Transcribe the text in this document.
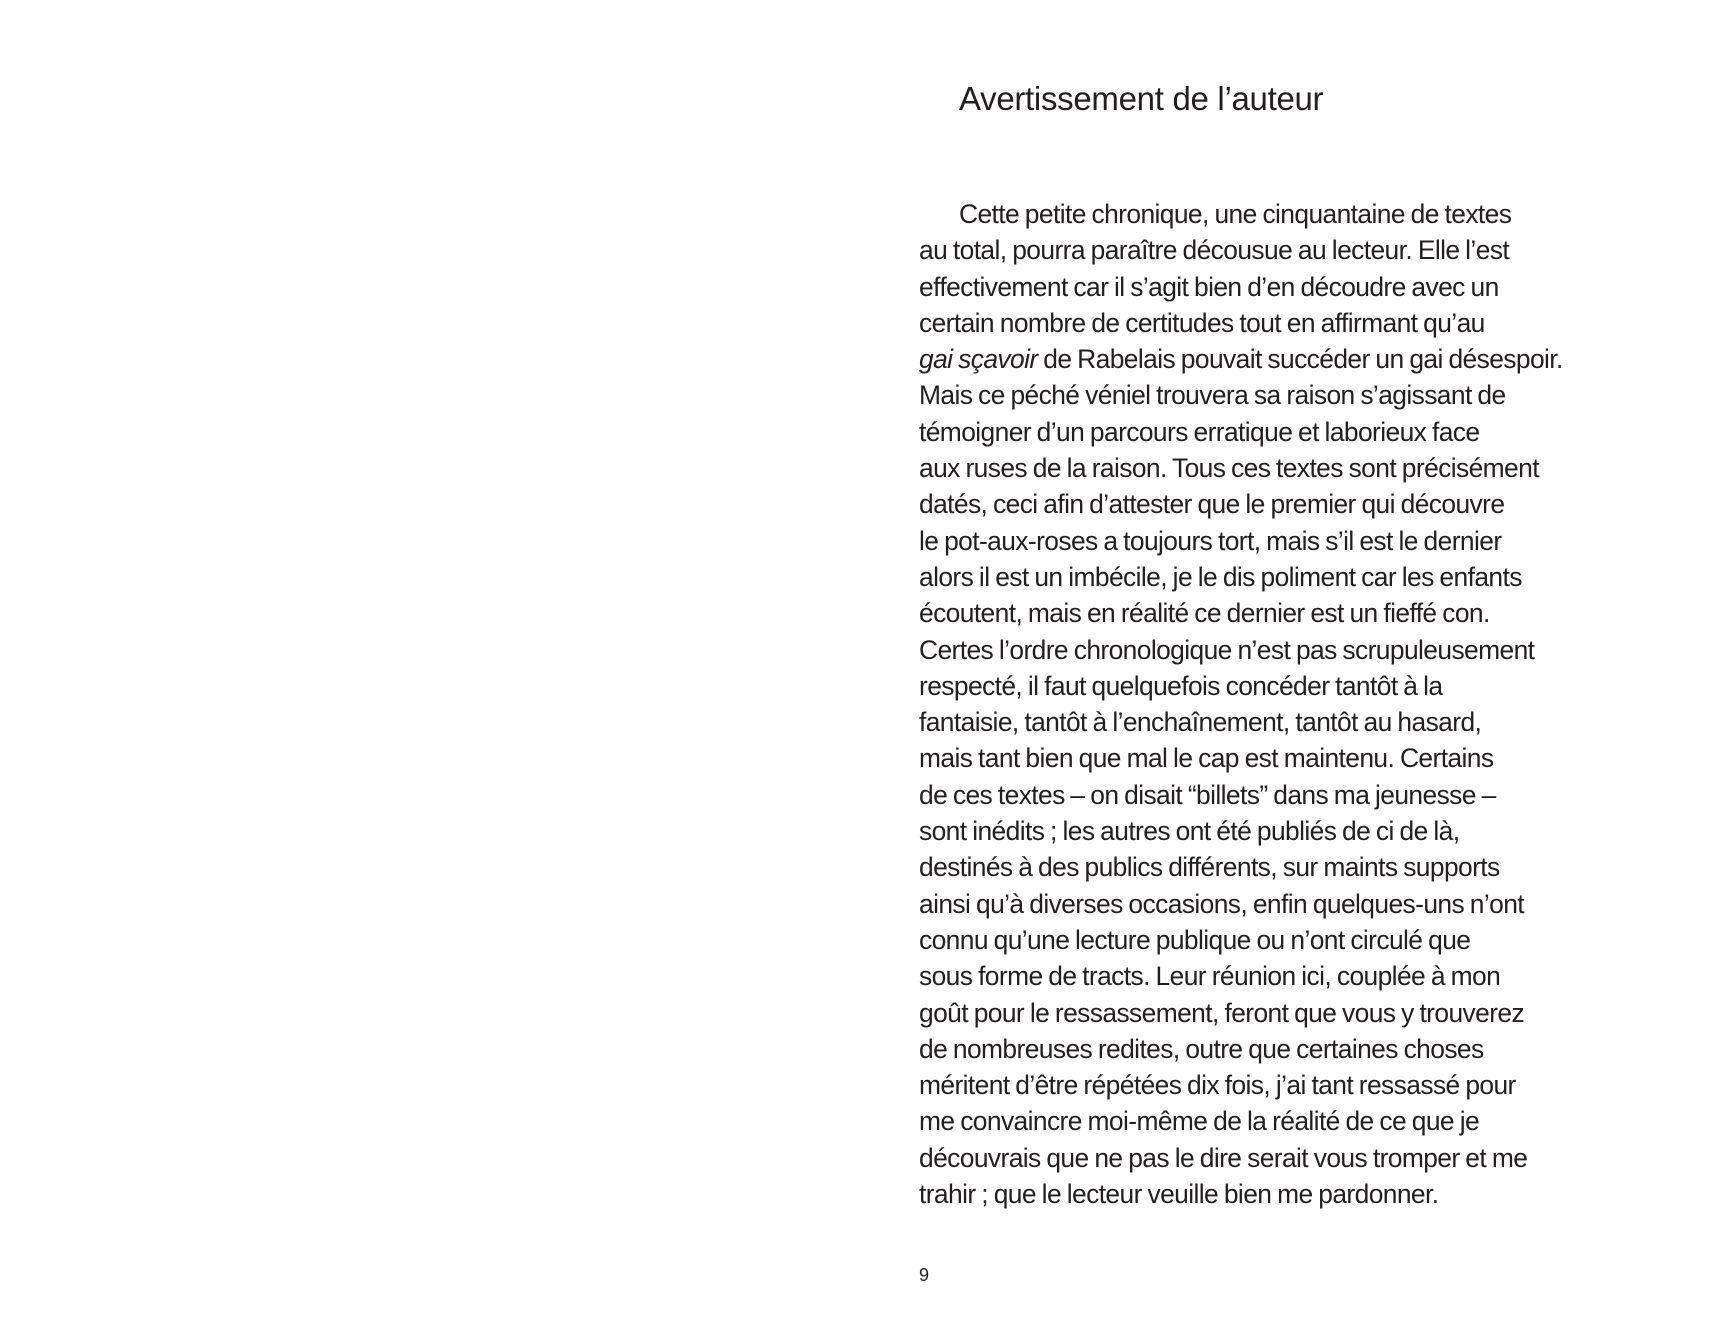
Avertissement de l’auteur

Cette petite chronique, une cinquantaine de textes
au total, pourra paraître décousue au lecteur. Elle l’est
effectivement car il s’agit bien d’en découdre avec un
certain nombre de certitudes tout en affirmant qu’au
gai sçavoir de Rabelais pouvait succéder un gai désespoir.
Mais ce péché véniel trouvera sa raison s’agissant de
témoigner d’un parcours erratique et laborieux face
aux ruses de la raison. Tous ces textes sont précisément
datés, ceci afin d’attester que le premier qui découvre
le pot-aux-roses a toujours tort, mais s’il est le dernier
alors il est un imbécile, je le dis poliment car les enfants
écoutent, mais en réalité ce dernier est un fieffé con.
Certes l’ordre chronologique n’est pas scrupuleusement
respecté, il faut quelquefois concéder tantôt à la
fantaisie, tantôt à l’enchaînement, tantôt au hasard,
mais tant bien que mal le cap est maintenu. Certains
de ces textes – on disait “billets” dans ma jeunesse –
sont inédits ; les autres ont été publiés de ci de là,
destinés à des publics différents, sur maints supports
ainsi qu’à diverses occasions, enfin quelques-uns n’ont
connu qu’une lecture publique ou n’ont circulé que
sous forme de tracts. Leur réunion ici, couplée à mon
goût pour le ressassement, feront que vous y trouverez
de nombreuses redites, outre que certaines choses
méritent d’être répétées dix fois, j’ai tant ressassé pour
me convaincre moi-même de la réalité de ce que je
découvrais que ne pas le dire serait vous tromper et me
trahir ; que le lecteur veuille bien me pardonner.

9
